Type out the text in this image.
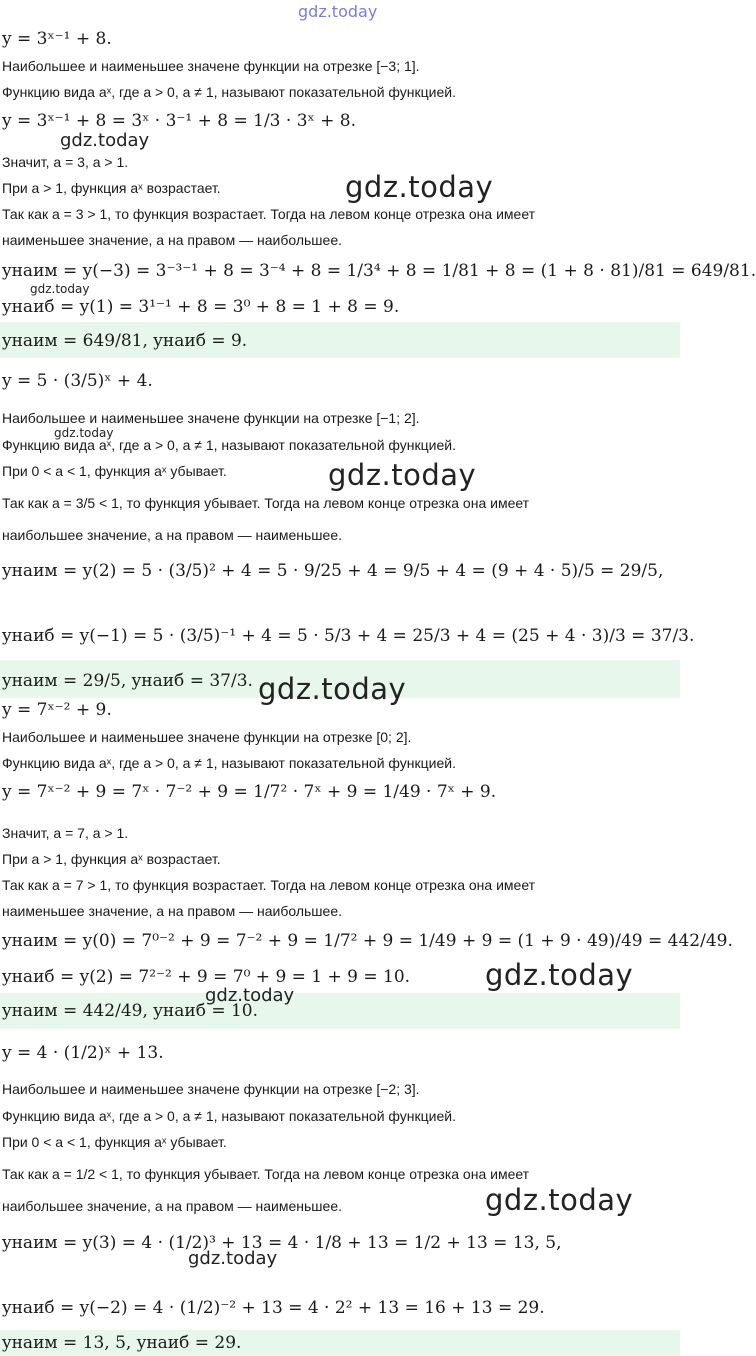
y = 3ˣ⁻¹ + 8.
Наибольшее и наименьшее значене функции на отрезке [−3; 1].
Функцию вида aˣ, где a > 0, a ≠ 1, называют показательной функцией.
y = 3ˣ⁻¹ + 8 = 3ˣ · 3⁻¹ + 8 = 1/3 · 3ˣ + 8.
Значит, a = 3, a > 1.
При a > 1, функция aˣ возрастает.
Так как a = 3 > 1, то функция возрастает. Тогда на левом конце отрезка она имеет
наименьшее значение, а на правом — наибольшее.
yнаим = y(−3) = 3⁻³⁻¹ + 8 = 3⁻⁴ + 8 = 1/3⁴ + 8 = 1/81 + 8 = (1 + 8 · 81)/81 = 649/81.
yнаиб = y(1) = 3¹⁻¹ + 8 = 3⁰ + 8 = 1 + 8 = 9.
yнаим = 649/81, yнаиб = 9.
y = 5 · (3/5)ˣ + 4.
Наибольшее и наименьшее значене функции на отрезке [−1; 2].
Функцию вида aˣ, где a > 0, a ≠ 1, называют показательной функцией.
При 0 < a < 1, функция aˣ убывает.
Так как a = 3/5 < 1, то функция убывает. Тогда на левом конце отрезка она имеет
наибольшее значение, а на правом — наименьшее.
yнаим = y(2) = 5 · (3/5)² + 4 = 5 · 9/25 + 4 = 9/5 + 4 = (9 + 4 · 5)/5 = 29/5,
yнаиб = y(−1) = 5 · (3/5)⁻¹ + 4 = 5 · 5/3 + 4 = 25/3 + 4 = (25 + 4 · 3)/3 = 37/3.
yнаим = 29/5, yнаиб = 37/3.
y = 7ˣ⁻² + 9.
Наибольшее и наименьшее значене функции на отрезке [0; 2].
Функцию вида aˣ, где a > 0, a ≠ 1, называют показательной функцией.
y = 7ˣ⁻² + 9 = 7ˣ · 7⁻² + 9 = 1/7² · 7ˣ + 9 = 1/49 · 7ˣ + 9.
Значит, a = 7, a > 1.
При a > 1, функция aˣ возрастает.
Так как a = 7 > 1, то функция возрастает. Тогда на левом конце отрезка она имеет
наименьшее значение, а на правом — наибольшее.
yнаим = y(0) = 7⁰⁻² + 9 = 7⁻² + 9 = 1/7² + 9 = 1/49 + 9 = (1 + 9 · 49)/49 = 442/49.
yнаиб = y(2) = 7²⁻² + 9 = 7⁰ + 9 = 1 + 9 = 10.
yнаим = 442/49, yнаиб = 10.
y = 4 · (1/2)ˣ + 13.
Наибольшее и наименьшее значене функции на отрезке [−2; 3].
Функцию вида aˣ, где a > 0, a ≠ 1, называют показательной функцией.
При 0 < a < 1, функция aˣ убывает.
Так как a = 1/2 < 1, то функция убывает. Тогда на левом конце отрезка она имеет
наибольшее значение, а на правом — наименьшее.
yнаим = y(3) = 4 · (1/2)³ + 13 = 4 · 1/8 + 13 = 1/2 + 13 = 13, 5,
yнаиб = y(−2) = 4 · (1/2)⁻² + 13 = 4 · 2² + 13 = 16 + 13 = 29.
yнаим = 13, 5, yнаиб = 29.
gdz.today
gdz.today
gdz.today
gdz.today
gdz.today
gdz.today
gdz.today
gdz.today
gdz.today
gdz.today
gdz.today
